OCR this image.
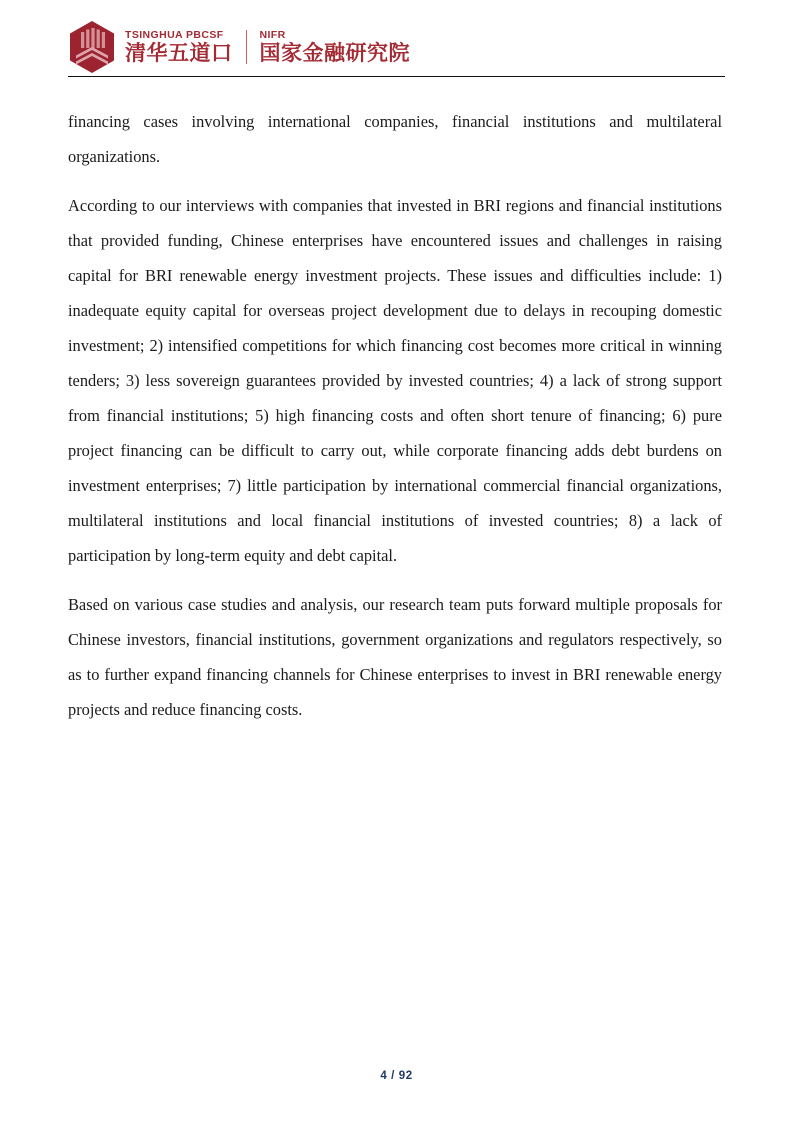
TSINGHUA PBCSF
清华五道口
NIFR
国家金融研究院

financing cases involving international companies, financial institutions and multilateral organizations.

According to our interviews with companies that invested in BRI regions and financial institutions that provided funding, Chinese enterprises have encountered issues and challenges in raising capital for BRI renewable energy investment projects. These issues and difficulties include: 1) inadequate equity capital for overseas project development due to delays in recouping domestic investment; 2) intensified competitions for which financing cost becomes more critical in winning tenders; 3) less sovereign guarantees provided by invested countries; 4) a lack of strong support from financial institutions; 5) high financing costs and often short tenure of financing; 6) pure project financing can be difficult to carry out, while corporate financing adds debt burdens on investment enterprises; 7) little participation by international commercial financial organizations, multilateral institutions and local financial institutions of invested countries; 8) a lack of participation by long-term equity and debt capital.

Based on various case studies and analysis, our research team puts forward multiple proposals for Chinese investors, financial institutions, government organizations and regulators respectively, so as to further expand financing channels for Chinese enterprises to invest in BRI renewable energy projects and reduce financing costs.

4 / 92
